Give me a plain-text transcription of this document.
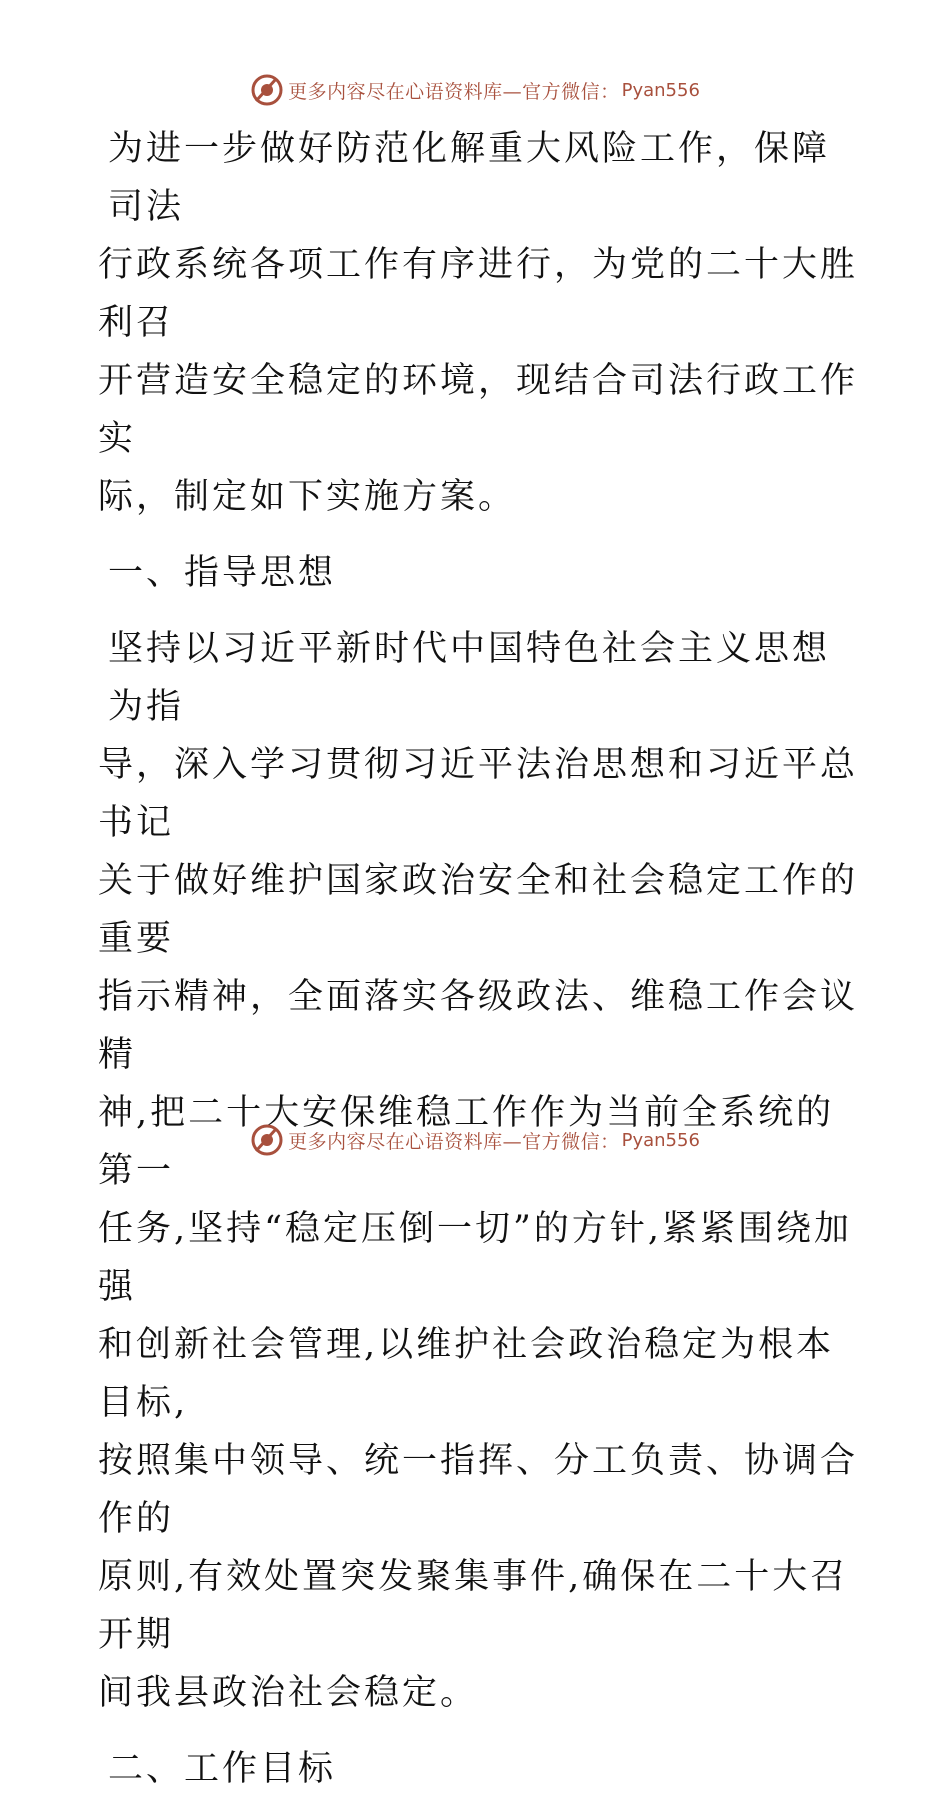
更多内容尽在心语资料库—官方微信： Pyan556

为进一步做好防范化解重大风险工作，保障司法

行政系统各项工作有序进行，为党的二十大胜利召

开营造安全稳定的环境，现结合司法行政工作实

际，制定如下实施方案。

一、指导思想

坚持以习近平新时代中国特色社会主义思想为指

导，深入学习贯彻习近平法治思想和习近平总书记

关于做好维护国家政治安全和社会稳定工作的重要

指示精神，全面落实各级政法、维稳工作会议精

神,把二十大安保维稳工作作为当前全系统的第一

任务,坚持“稳定压倒一切”的方针,紧紧围绕加强

和创新社会管理,以维护社会政治稳定为根本目标,

按照集中领导、统一指挥、分工负责、协调合作的

原则,有效处置突发聚集事件,确保在二十大召开期

间我县政治社会稳定。

二、工作目标

更多内容尽在心语资料库—官方微信： Pyan556
